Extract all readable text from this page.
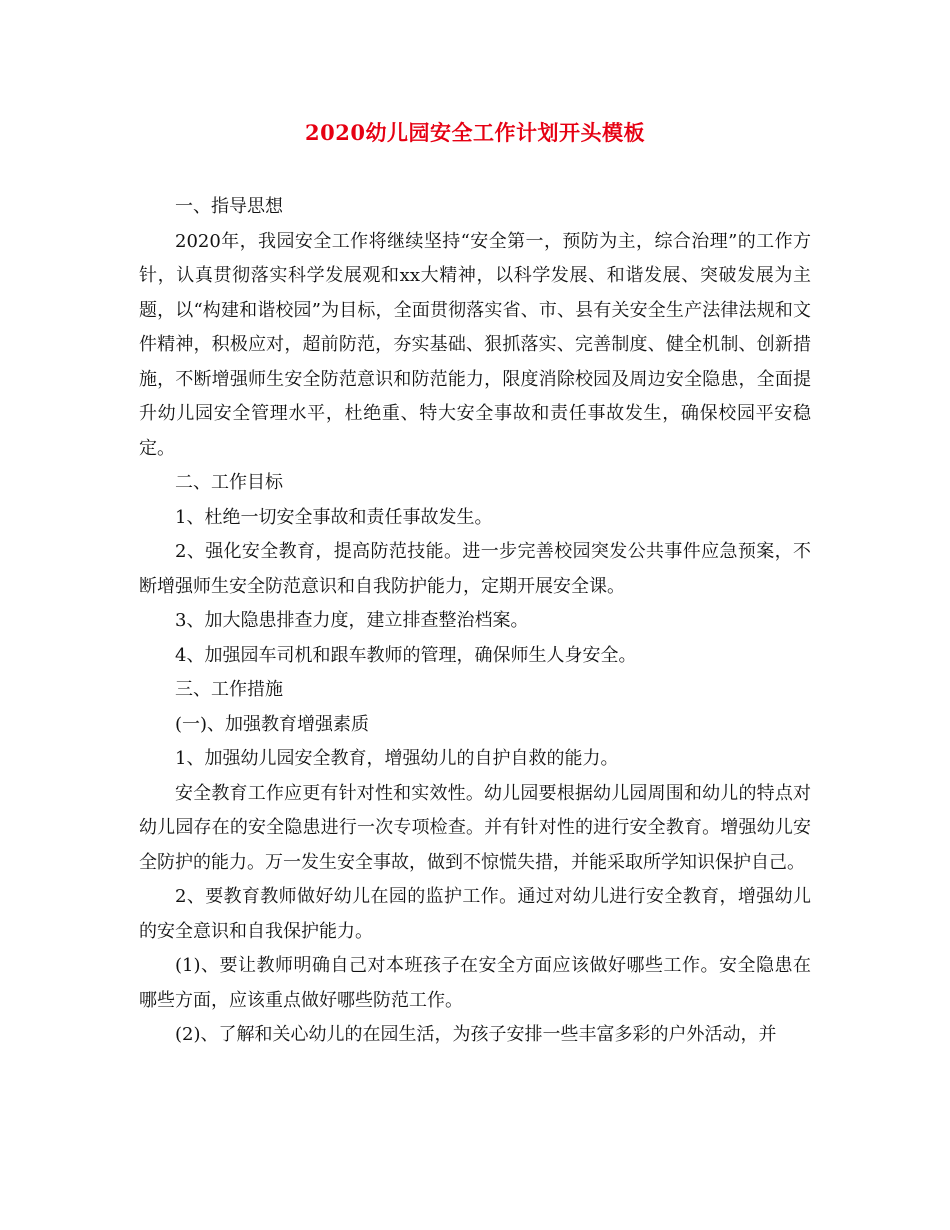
2020幼儿园安全工作计划开头模板

一、指导思想

2020年，我园安全工作将继续坚持“安全第一，预防为主，综合治理”的工作方针，认真贯彻落实科学发展观和xx大精神，以科学发展、和谐发展、突破发展为主题，以“构建和谐校园”为目标，全面贯彻落实省、市、县有关安全生产法律法规和文件精神，积极应对，超前防范，夯实基础、狠抓落实、完善制度、健全机制、创新措施，不断增强师生安全防范意识和防范能力，限度消除校园及周边安全隐患，全面提升幼儿园安全管理水平，杜绝重、特大安全事故和责任事故发生，确保校园平安稳定。

二、工作目标

1、杜绝一切安全事故和责任事故发生。

2、强化安全教育，提高防范技能。进一步完善校园突发公共事件应急预案，不断增强师生安全防范意识和自我防护能力，定期开展安全课。

3、加大隐患排查力度，建立排查整治档案。

4、加强园车司机和跟车教师的管理，确保师生人身安全。

三、工作措施

(一)、加强教育增强素质

1、加强幼儿园安全教育，增强幼儿的自护自救的能力。

安全教育工作应更有针对性和实效性。幼儿园要根据幼儿园周围和幼儿的特点对幼儿园存在的安全隐患进行一次专项检查。并有针对性的进行安全教育。增强幼儿安全防护的能力。万一发生安全事故，做到不惊慌失措，并能采取所学知识保护自己。

2、要教育教师做好幼儿在园的监护工作。通过对幼儿进行安全教育，增强幼儿的安全意识和自我保护能力。

(1)、要让教师明确自己对本班孩子在安全方面应该做好哪些工作。安全隐患在哪些方面，应该重点做好哪些防范工作。

(2)、了解和关心幼儿的在园生活，为孩子安排一些丰富多彩的户外活动，并
